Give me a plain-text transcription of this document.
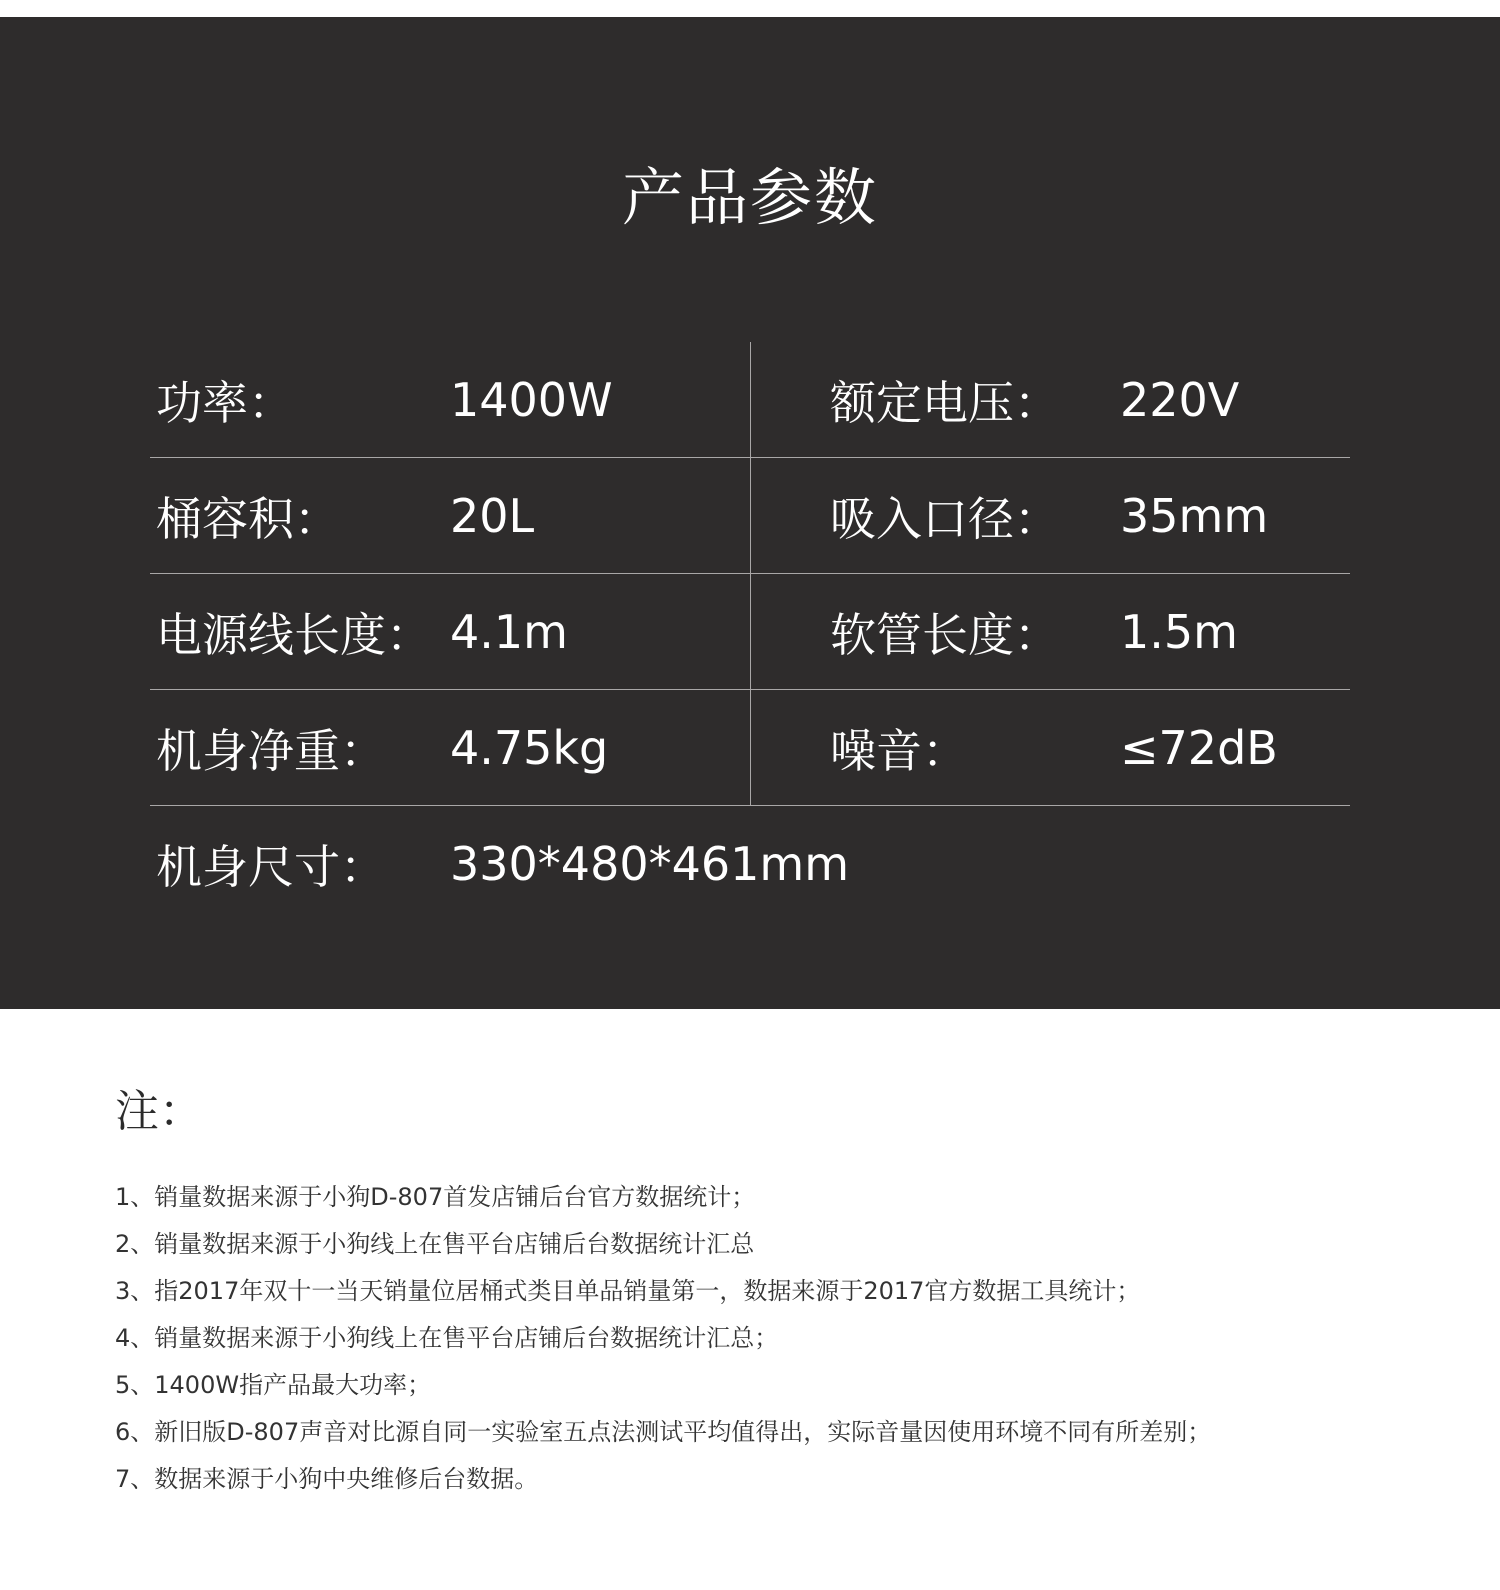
产品参数
功率：	1400W	额定电压： 220V
桶容积： 20L	吸入口径： 35mm
电源线长度： 4.1m	软管长度： 1.5m
机身净重： 4.75kg	噪音：	≤72dB
机身尺寸： 330*480*461mm
注：
1、销量数据来源于小狗D-807首发店铺后台官方数据统计；
2、销量数据来源于小狗线上在售平台店铺后台数据统计汇总
3、指2017年双十一当天销量位居桶式类目单品销量第一，数据来源于2017官方数据工具统计；
4、销量数据来源于小狗线上在售平台店铺后台数据统计汇总；
5、1400W指产品最大功率；
6、新旧版D-807声音对比源自同一实验室五点法测试平均值得出，实际音量因使用环境不同有所差别；
7、数据来源于小狗中央维修后台数据。
